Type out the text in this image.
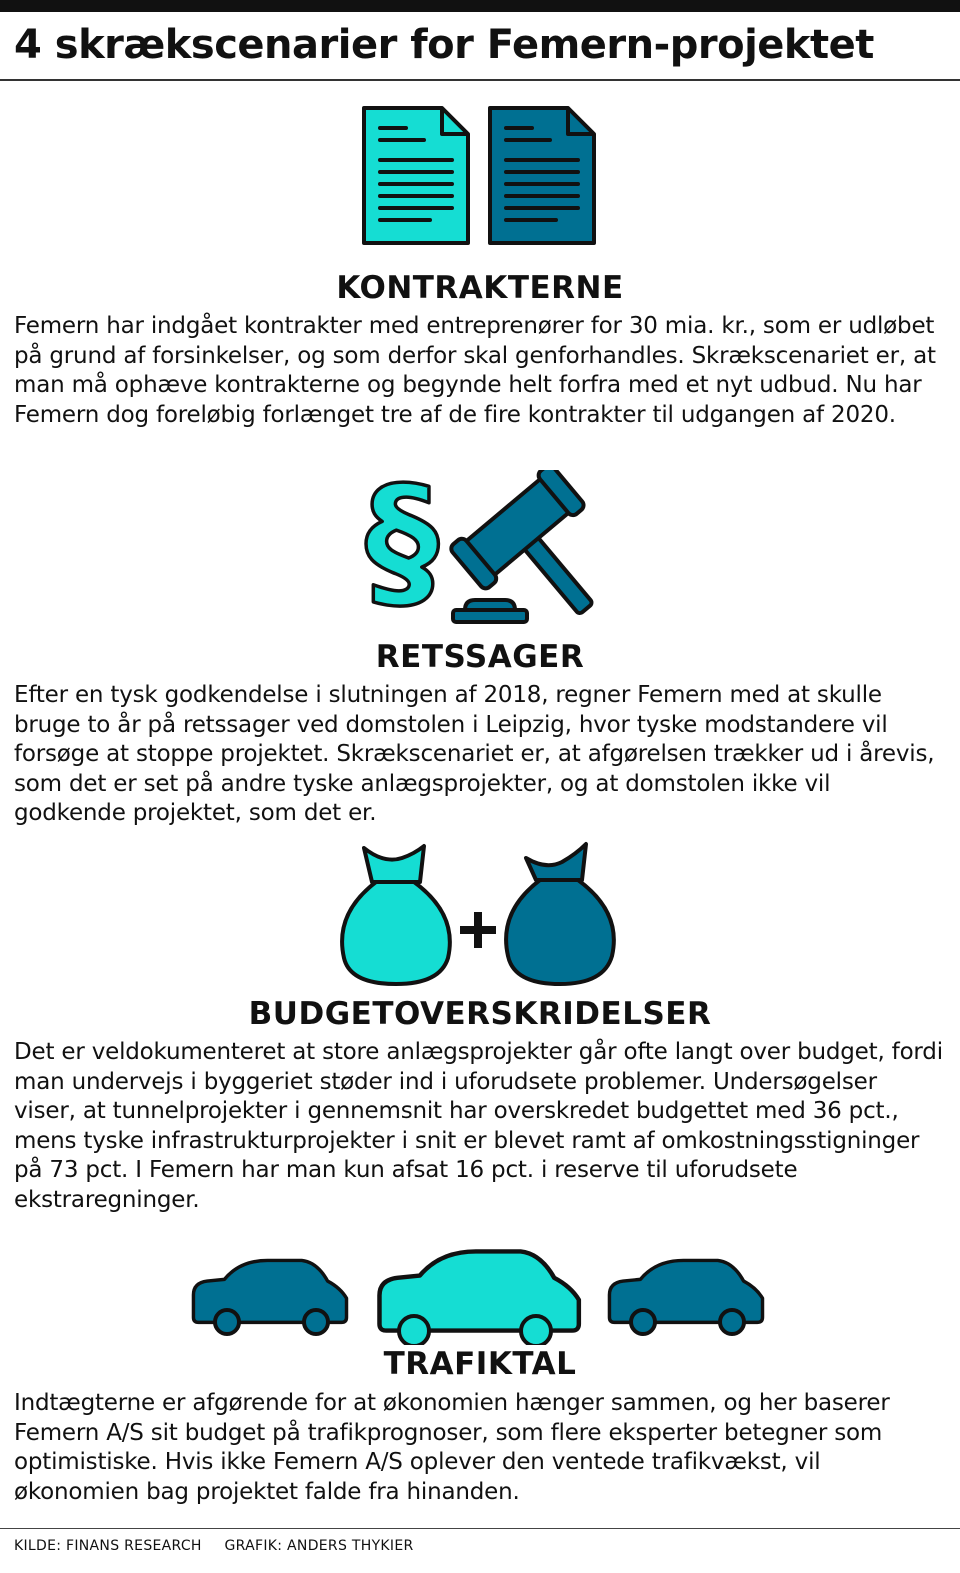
4 skrækscenarier for Femern-projektet
KONTRAKTERNE

Femern har indgået kontrakter med entreprenører for 30 mia. kr., som er udløbet på grund af forsinkelser, og som derfor skal genforhandles. Skrækscenariet er, at man må ophæve kontrakterne og begynde helt forfra med et nyt udbud. Nu har Femern dog foreløbig forlænget tre af de fire kontrakter til udgangen af 2020.

§
RETSSAGER

Efter en tysk godkendelse i slutningen af 2018, regner Femern med at skulle bruge to år på retssager ved domstolen i Leipzig, hvor tyske modstandere vil forsøge at stoppe projektet. Skrækscenariet er, at afgørelsen trækker ud i årevis, som det er set på andre tyske anlægsprojekter, og at domstolen ikke vil godkende projektet, som det er.

BUDGETOVERSKRIDELSER

Det er veldokumenteret at store anlægsprojekter går ofte langt over budget, fordi man undervejs i byggeriet støder ind i uforudsete problemer. Undersøgelser viser, at tunnelprojekter i gennemsnit har overskredet budgettet med 36 pct., mens tyske infrastrukturprojekter i snit er blevet ramt af omkostningsstigninger på 73 pct. I Femern har man kun afsat 16 pct. i reserve til uforudsete ekstraregninger.

TRAFIKTAL

Indtægterne er afgørende for at økonomien hænger sammen, og her baserer Femern A/S sit budget på trafikprognoser, som flere eksperter betegner som optimistiske. Hvis ikke Femern A/S oplever den ventede trafikvækst, vil økonomien bag projektet falde fra hinanden.

KILDE: FINANS RESEARCH GRAFIK: ANDERS THYKIER
